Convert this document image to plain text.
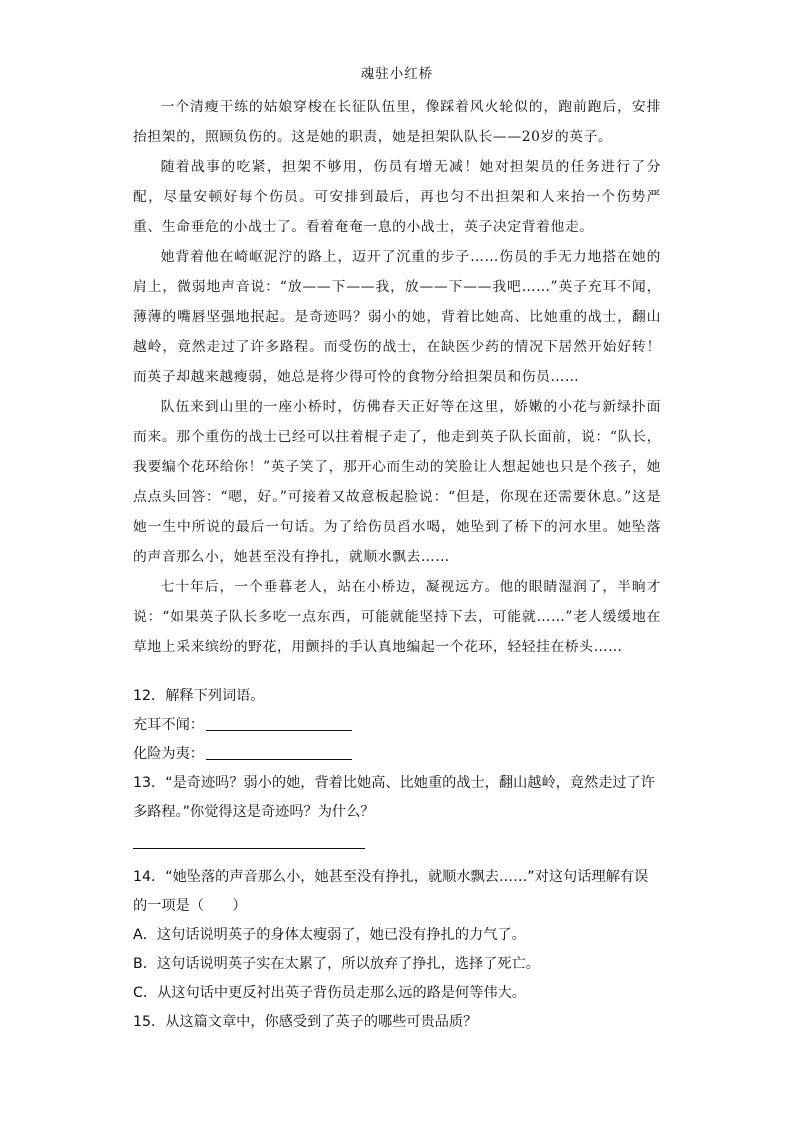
魂驻小红桥

一个清瘦干练的姑娘穿梭在长征队伍里，像踩着风火轮似的，跑前跑后，安排抬担架的，照顾负伤的。这是她的职责，她是担架队队长——20岁的英子。

随着战事的吃紧，担架不够用，伤员有增无减！她对担架员的任务进行了分配，尽量安顿好每个伤员。可安排到最后，再也匀不出担架和人来抬一个伤势严重、生命垂危的小战士了。看着奄奄一息的小战士，英子决定背着他走。

她背着他在崎岖泥泞的路上，迈开了沉重的步子……伤员的手无力地搭在她的肩上，微弱地声音说：“放——下——我，放——下——我吧……”英子充耳不闻，薄薄的嘴唇坚强地抿起。是奇迹吗？弱小的她，背着比她高、比她重的战士，翻山越岭，竟然走过了许多路程。而受伤的战士，在缺医少药的情况下居然开始好转！而英子却越来越瘦弱，她总是将少得可怜的食物分给担架员和伤员……

队伍来到山里的一座小桥时，仿佛春天正好等在这里，娇嫩的小花与新绿扑面而来。那个重伤的战士已经可以拄着棍子走了，他走到英子队长面前，说：“队长，我要编个花环给你！”英子笑了，那开心而生动的笑脸让人想起她也只是个孩子，她点点头回答：“嗯，好。”可接着又故意板起脸说：“但是，你现在还需要休息。”这是她一生中所说的最后一句话。为了给伤员舀水喝，她坠到了桥下的河水里。她坠落的声音那么小，她甚至没有挣扎，就顺水飘去……

七十年后，一个垂暮老人，站在小桥边，凝视远方。他的眼睛湿润了，半晌才说：“如果英子队长多吃一点东西，可能就能坚持下去，可能就……”老人缓缓地在草地上采来缤纷的野花，用颤抖的手认真地编起一个花环，轻轻挂在桥头……

12．解释下列词语。

充耳不闻：

化险为夷：

13．“是奇迹吗？弱小的她，背着比她高、比她重的战士，翻山越岭，竟然走过了许多路程。”你觉得这是奇迹吗？为什么？

14．“她坠落的声音那么小，她甚至没有挣扎，就顺水飘去……”对这句话理解有误的一项是（　　）

A．这句话说明英子的身体太瘦弱了，她已没有挣扎的力气了。

B．这句话说明英子实在太累了，所以放弃了挣扎，选择了死亡。

C．从这句话中更反衬出英子背伤员走那么远的路是何等伟大。

15．从这篇文章中，你感受到了英子的哪些可贵品质？
